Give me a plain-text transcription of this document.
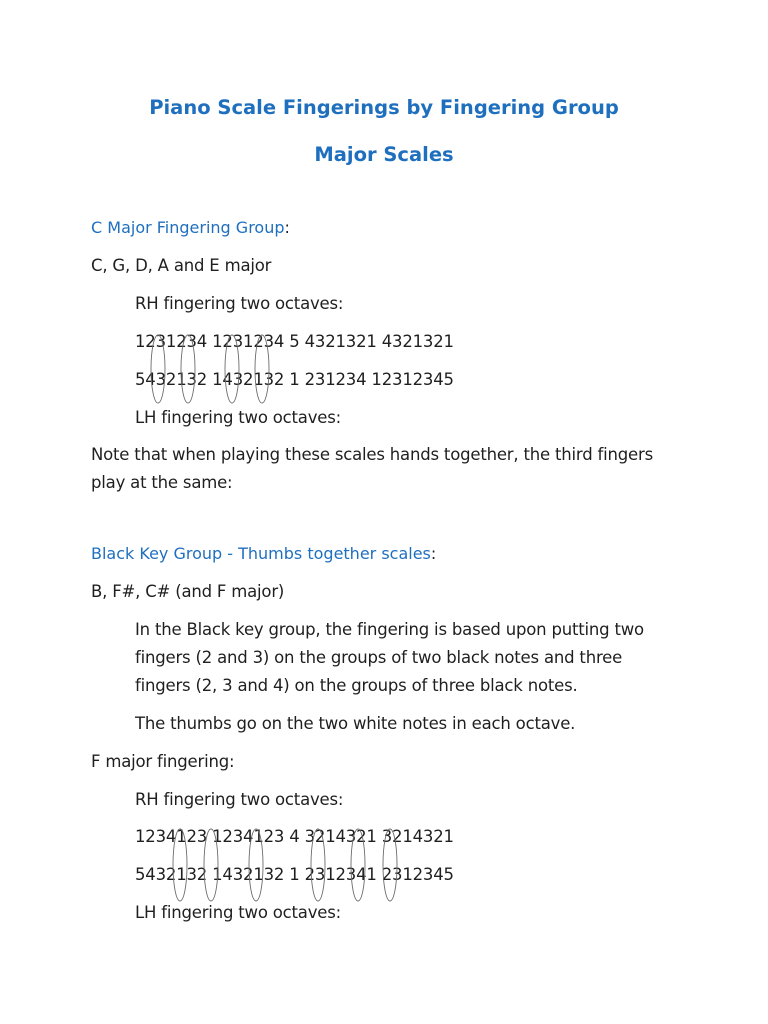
Piano Scale Fingerings by Fingering Group
Major Scales
C Major Fingering Group:
C, G, D, A and E major
RH fingering two octaves:
1231234 1231234 5 4321321 4321321
5432132 1432132 1 231234 12312345
LH fingering two octaves:
Note that when playing these scales hands together, the third fingers play at the same:
Black Key Group - Thumbs together scales:
B, F#, C# (and F major)
In the Black key group, the fingering is based upon putting two fingers (2 and 3) on the groups of two black notes and three fingers (2, 3 and 4) on the groups of three black notes.
The thumbs go on the two white notes in each octave.
F major fingering:
RH fingering two octaves:
1234123 1234123 4 3214321 3214321
5432132 1432132 1 2312341 2312345
LH fingering two octaves:
